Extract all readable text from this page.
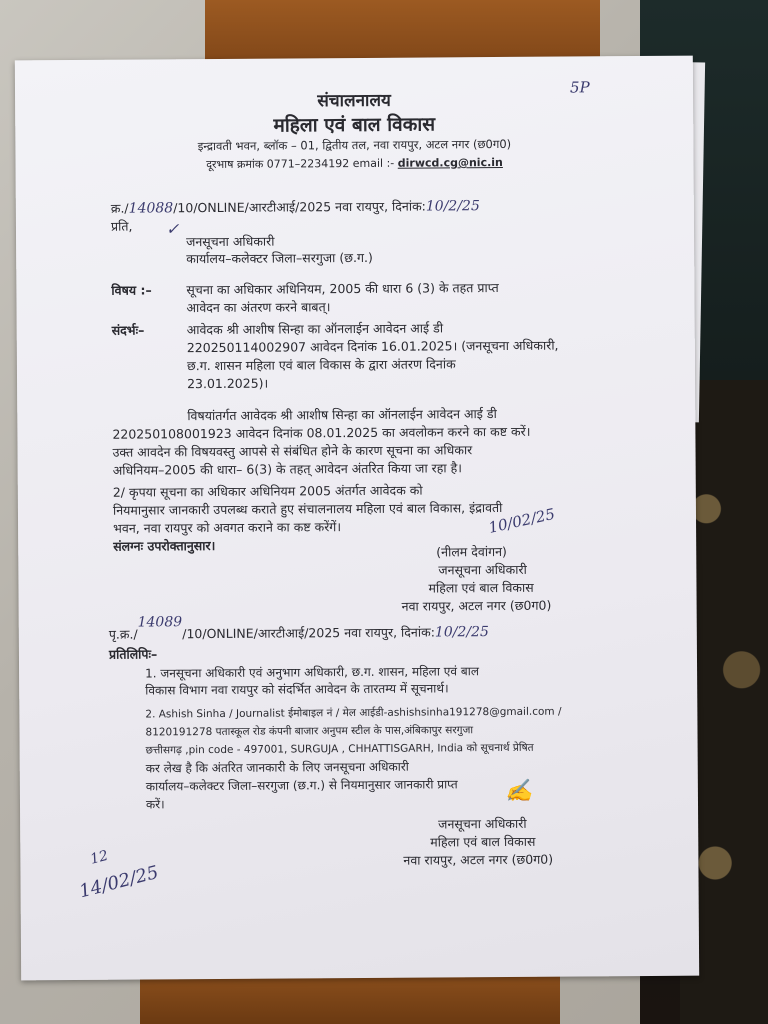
5P
संचालनालय
महिला एवं बाल विकास
इन्द्रावती भवन, ब्लॉक – 01, द्वितीय तल, नवा रायपुर, अटल नगर (छ0ग0)
दूरभाष क्रमांक 0771–2234192 email :- dirwcd.cg@nic.in
क्र./14088/10/ONLINE/आरटीआई/2025 नवा रायपुर, दिनांक:10/2/25
प्रति, ✓
जनसूचना अधिकारी
कार्यालय–कलेक्टर जिला–सरगुजा (छ.ग.)
विषय :–	सूचना का अधिकार अधिनियम, 2005 की धारा 6 (3) के तहत प्राप्त
आवेदन का अंतरण करने बाबत्।
संदर्भः–	आवेदक श्री आशीष सिन्हा का ऑनलाईन आवेदन आई डी
220250114002907 आवेदन दिनांक 16.01.2025। (जनसूचना अधिकारी,
छ.ग. शासन महिला एवं बाल विकास के द्वारा अंतरण दिनांक
23.01.2025)।
विषयांतर्गत आवेदक श्री आशीष सिन्हा का ऑनलाईन आवेदन आई डी
220250108001923 आवेदन दिनांक 08.01.2025 का अवलोकन करने का कष्ट करें।
उक्त आवदेन की विषयवस्तु आपसे से संबंधित होने के कारण सूचना का अधिकार
अधिनियम–2005 की धारा– 6(3) के तहत् आवेदन अंतरित किया जा रहा है।
2/ कृपया सूचना का अधिकार अधिनियम 2005 अंतर्गत आवेदक को
नियमानुसार जानकारी उपलब्ध कराते हुए संचालनालय महिला एवं बाल विकास, इंद्रावती
भवन, नवा रायपुर को अवगत कराने का कष्ट करेंगें।
संलग्नः उपरोक्तानुसार।
10/02/25
(नीलम देवांगन)
जनसूचना अधिकारी
महिला एवं बाल विकास
नवा रायपुर, अटल नगर (छ0ग0)
पृ.क्र./14089/10/ONLINE/आरटीआई/2025 नवा रायपुर, दिनांक:10/2/25
प्रतिलिपिः–
1. जनसूचना अधिकारी एवं अनुभाग अधिकारी, छ.ग. शासन, महिला एवं बाल
विकास विभाग नवा रायपुर को संदर्भित आवेदन के तारतम्य में सूचनार्थ।
2. Ashish Sinha / Journalist ईमोबाइल नं / मेल आईडी-ashishsinha191278@gmail.com /
8120191278 पतास्कूल रोड कंपनी बाजार अनुपम स्टील के पास,अंबिकापुर सरगुजा
छत्तीसगढ़ ,pin code - 497001, SURGUJA , CHHATTISGARH, India को सूचनार्थ प्रेषित
कर लेख है कि अंतरित जानकारी के लिए जनसूचना अधिकारी
कार्यालय–कलेक्टर जिला–सरगुजा (छ.ग.) से नियमानुसार जानकारी प्राप्त
करें।
✍
जनसूचना अधिकारी
महिला एवं बाल विकास
नवा रायपुर, अटल नगर (छ0ग0)
12
14/02/25
